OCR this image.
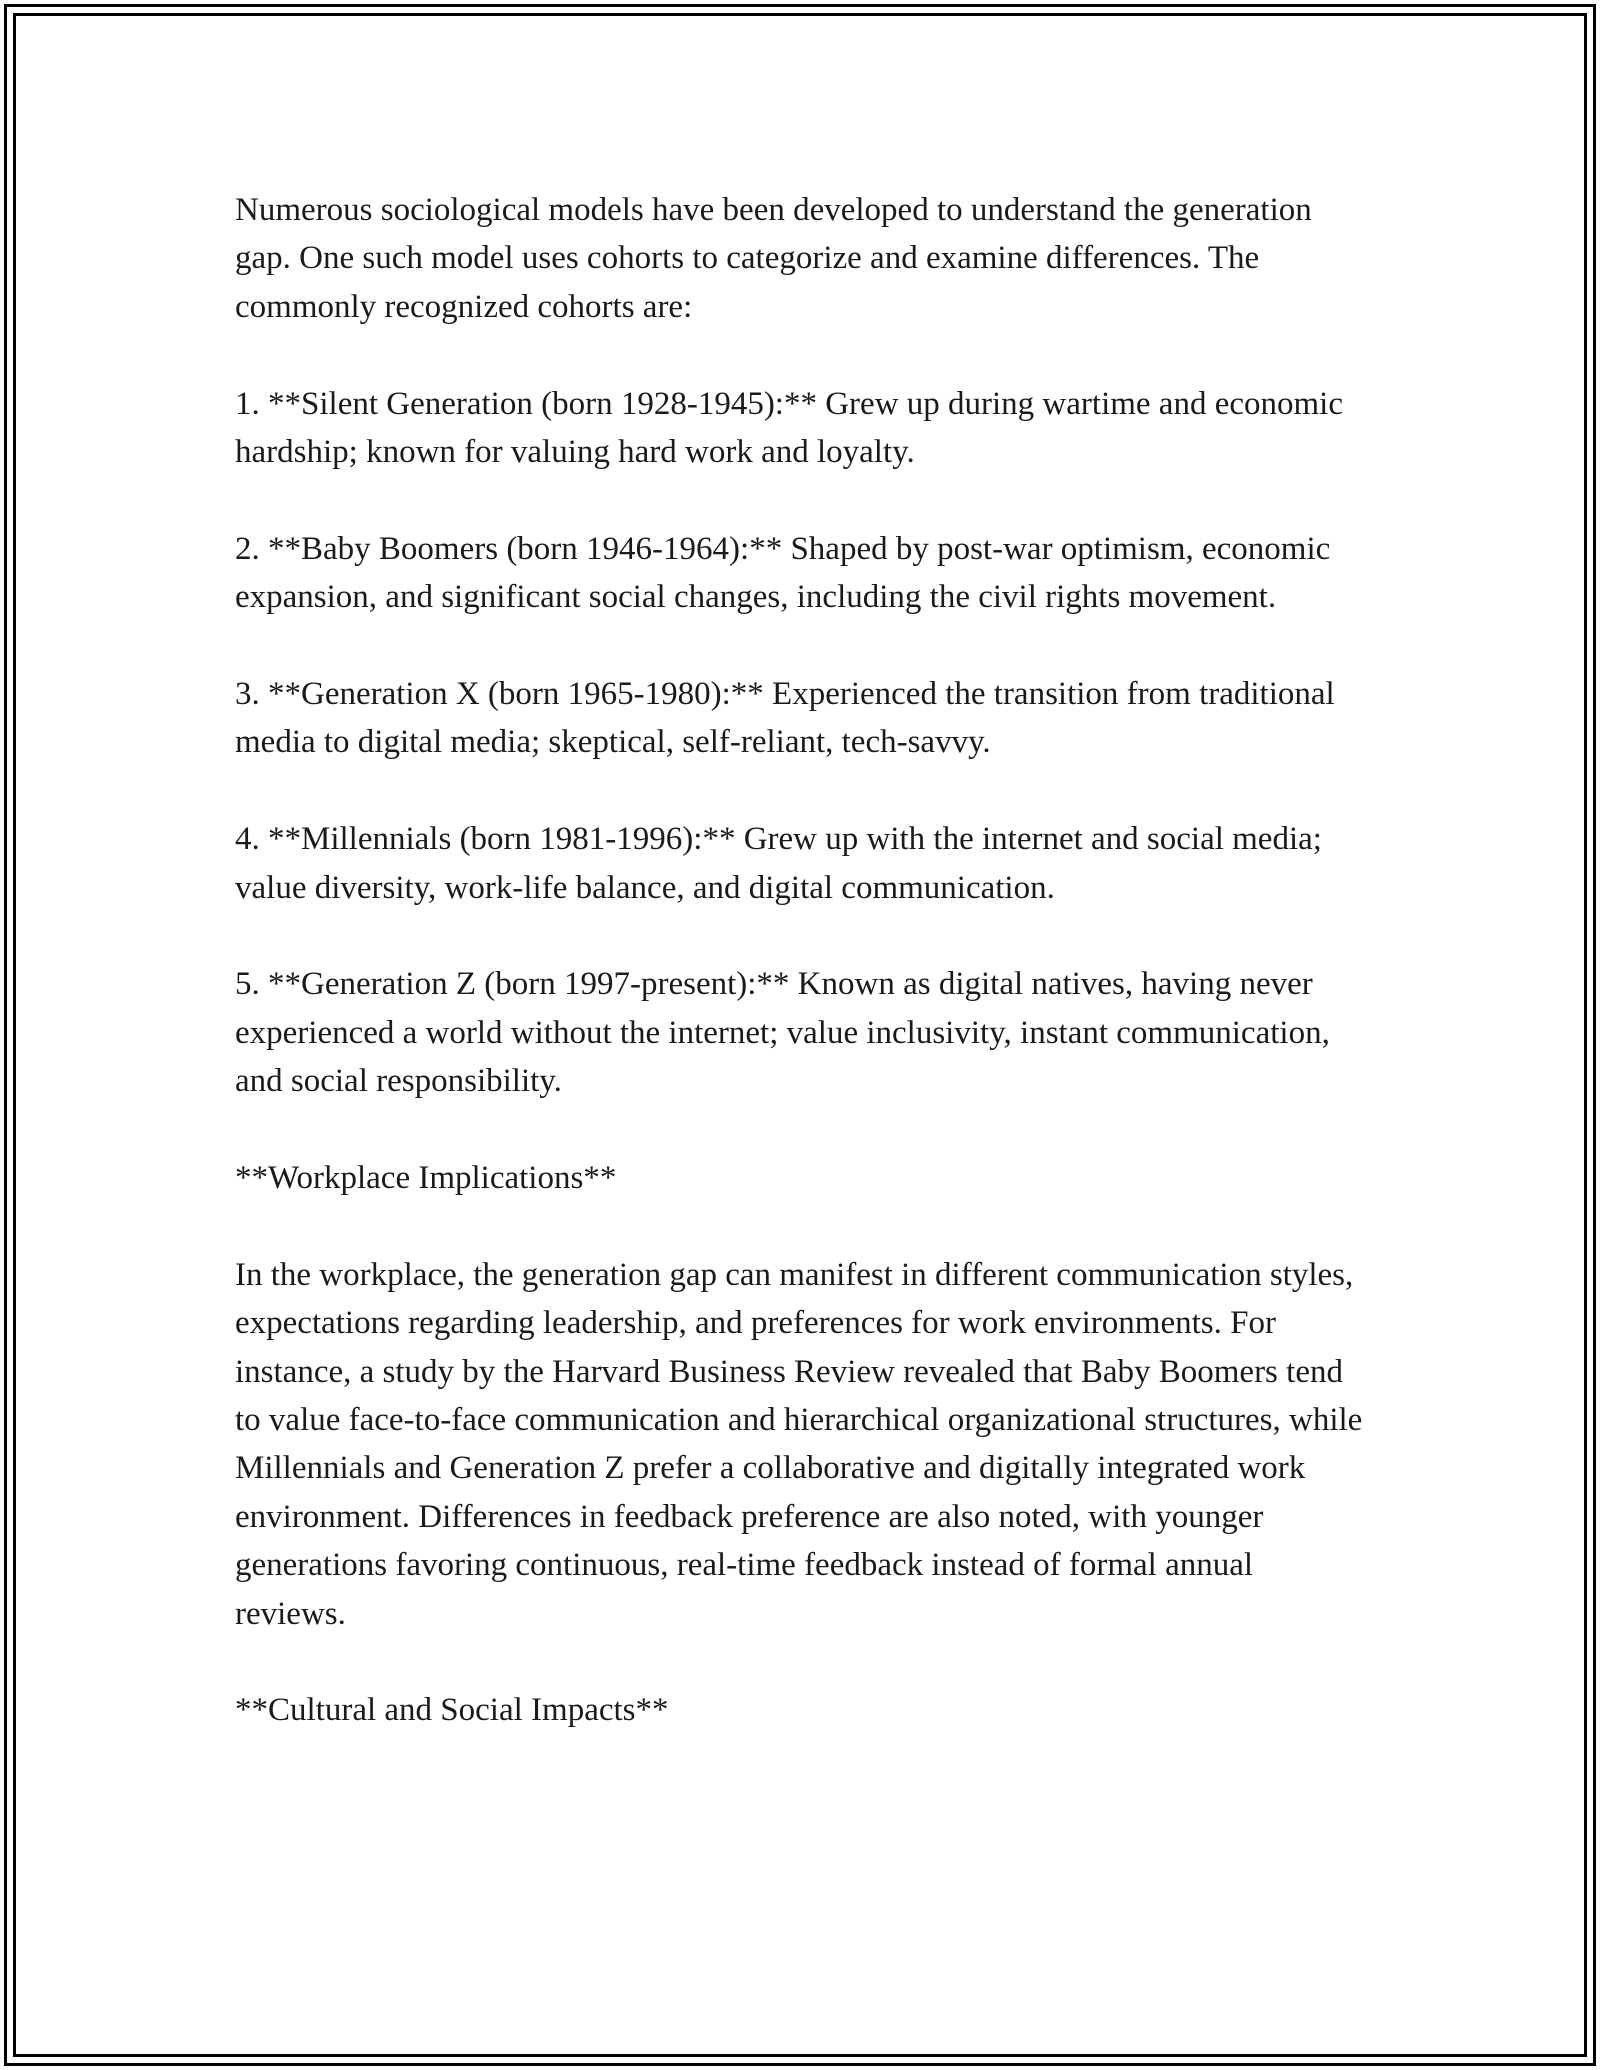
Numerous sociological models have been developed to understand the generation gap. One such model uses cohorts to categorize and examine differences. The commonly recognized cohorts are:

1. **Silent Generation (born 1928-1945):** Grew up during wartime and economic hardship; known for valuing hard work and loyalty.

2. **Baby Boomers (born 1946-1964):** Shaped by post-war optimism, economic expansion, and significant social changes, including the civil rights movement.

3. **Generation X (born 1965-1980):** Experienced the transition from traditional media to digital media; skeptical, self-reliant, tech-savvy.

4. **Millennials (born 1981-1996):** Grew up with the internet and social media; value diversity, work-life balance, and digital communication.

5. **Generation Z (born 1997-present):** Known as digital natives, having never experienced a world without the internet; value inclusivity, instant communication, and social responsibility.

**Workplace Implications**

In the workplace, the generation gap can manifest in different communication styles, expectations regarding leadership, and preferences for work environments. For instance, a study by the Harvard Business Review revealed that Baby Boomers tend to value face-to-face communication and hierarchical organizational structures, while Millennials and Generation Z prefer a collaborative and digitally integrated work environment. Differences in feedback preference are also noted, with younger generations favoring continuous, real-time feedback instead of formal annual reviews.

**Cultural and Social Impacts**
